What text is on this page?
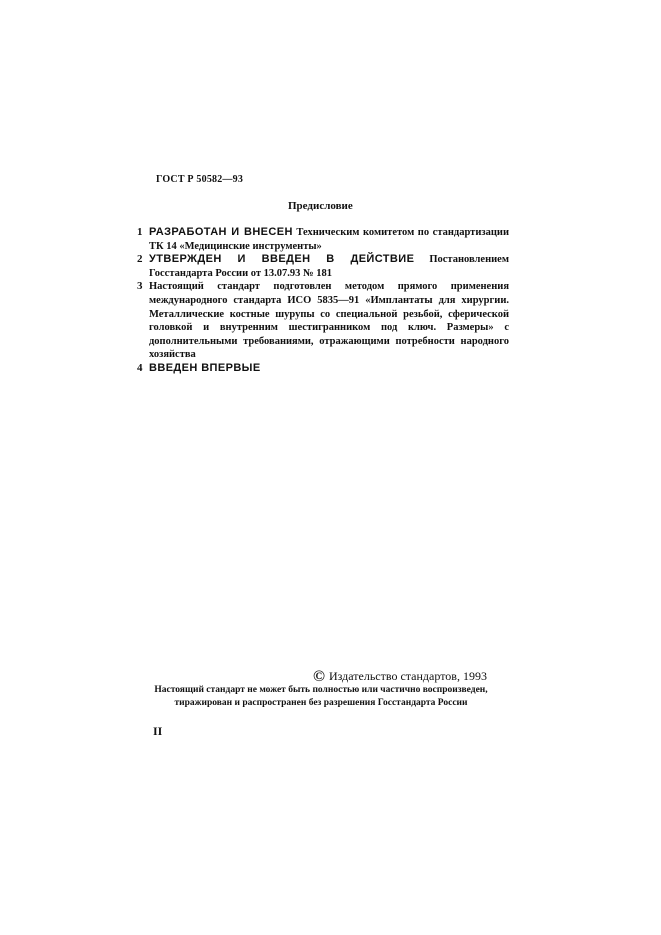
ГОСТ Р 50582—93
Предисловие
1 РАЗРАБОТАН И ВНЕСЕН Техническим комитетом по стандартизации ТК 14 «Медицинские инструменты»
2 УТВЕРЖДЕН И ВВЕДЕН В ДЕЙСТВИЕ Постановлением Госстандарта России от 13.07.93 № 181
3 Настоящий стандарт подготовлен методом прямого применения международного стандарта ИСО 5835—91 «Имплантаты для хирургии. Металлические костные шурупы со специальной резьбой, сферической головкой и внутренним шестигранником под ключ. Размеры» с дополнительными требованиями, отражающими потребности народного хозяйства
4 ВВЕДЕН ВПЕРВЫЕ
© Издательство стандартов, 1993
Настоящий стандарт не может быть полностью или частично воспроизведен, тиражирован и распространен без разрешения Госстандарта России
II
